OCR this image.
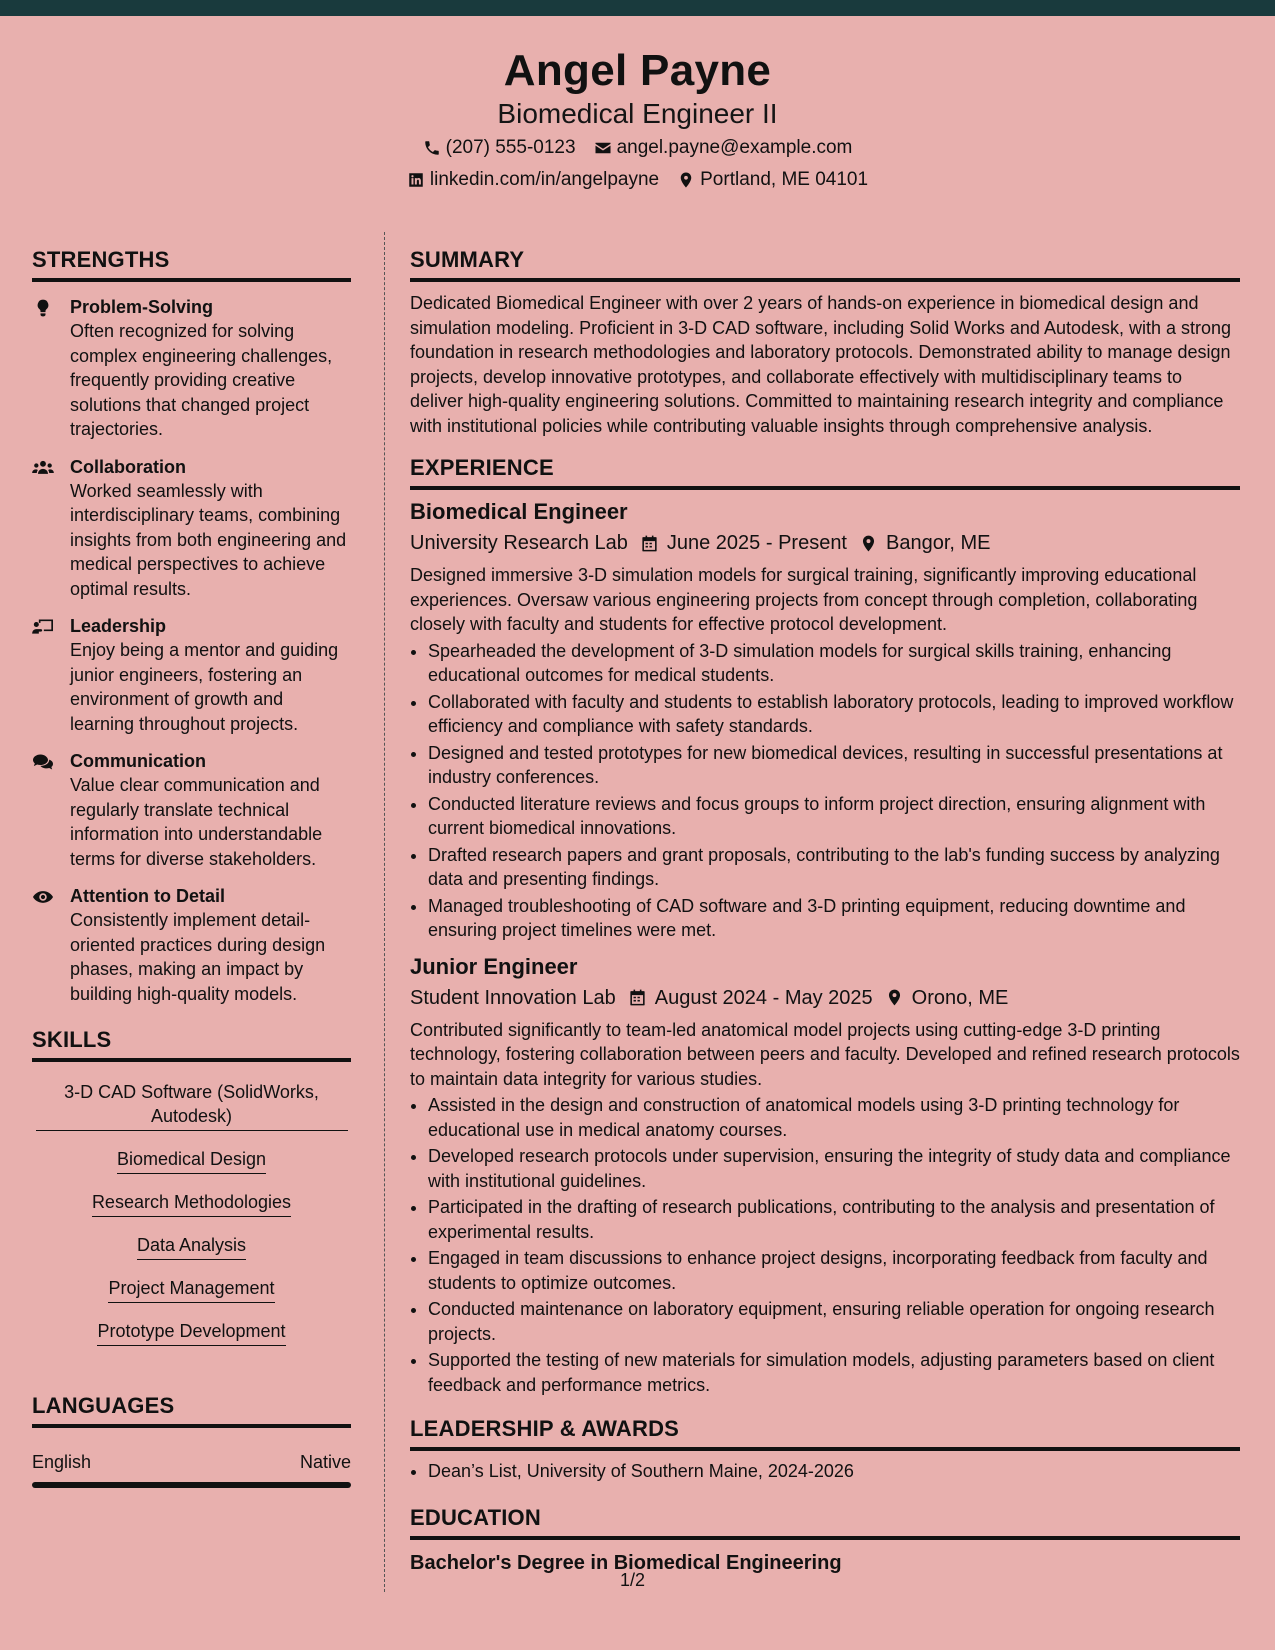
Angel Payne
Biomedical Engineer II
(207) 555-0123 angel.payne@example.com
linkedin.com/in/angelpayne Portland, ME 04101
STRENGTHS
Problem-Solving
Often recognized for solving complex engineering challenges, frequently providing creative solutions that changed project trajectories.
Collaboration
Worked seamlessly with interdisciplinary teams, combining insights from both engineering and medical perspectives to achieve optimal results.
Leadership
Enjoy being a mentor and guiding junior engineers, fostering an environment of growth and learning throughout projects.
Communication
Value clear communication and regularly translate technical information into understandable terms for diverse stakeholders.
Attention to Detail
Consistently implement detail-oriented practices during design phases, making an impact by building high-quality models.
SKILLS
3-D CAD Software (SolidWorks, Autodesk)
Biomedical Design
Research Methodologies
Data Analysis
Project Management
Prototype Development
LANGUAGES
English	Native
SUMMARY
Dedicated Biomedical Engineer with over 2 years of hands-on experience in biomedical design and simulation modeling. Proficient in 3-D CAD software, including Solid Works and Autodesk, with a strong foundation in research methodologies and laboratory protocols. Demonstrated ability to manage design projects, develop innovative prototypes, and collaborate effectively with multidisciplinary teams to deliver high-quality engineering solutions. Committed to maintaining research integrity and compliance with institutional policies while contributing valuable insights through comprehensive analysis.
EXPERIENCE
Biomedical Engineer
University Research Lab June 2025 - Present Bangor, ME
Designed immersive 3-D simulation models for surgical training, significantly improving educational experiences. Oversaw various engineering projects from concept through completion, collaborating closely with faculty and students for effective protocol development.
• Spearheaded the development of 3-D simulation models for surgical skills training, enhancing educational outcomes for medical students.
• Collaborated with faculty and students to establish laboratory protocols, leading to improved workflow efficiency and compliance with safety standards.
• Designed and tested prototypes for new biomedical devices, resulting in successful presentations at industry conferences.
• Conducted literature reviews and focus groups to inform project direction, ensuring alignment with current biomedical innovations.
• Drafted research papers and grant proposals, contributing to the lab's funding success by analyzing data and presenting findings.
• Managed troubleshooting of CAD software and 3-D printing equipment, reducing downtime and ensuring project timelines were met.
Junior Engineer
Student Innovation Lab August 2024 - May 2025 Orono, ME
Contributed significantly to team-led anatomical model projects using cutting-edge 3-D printing technology, fostering collaboration between peers and faculty. Developed and refined research protocols to maintain data integrity for various studies.
• Assisted in the design and construction of anatomical models using 3-D printing technology for educational use in medical anatomy courses.
• Developed research protocols under supervision, ensuring the integrity of study data and compliance with institutional guidelines.
• Participated in the drafting of research publications, contributing to the analysis and presentation of experimental results.
• Engaged in team discussions to enhance project designs, incorporating feedback from faculty and students to optimize outcomes.
• Conducted maintenance on laboratory equipment, ensuring reliable operation for ongoing research projects.
• Supported the testing of new materials for simulation models, adjusting parameters based on client feedback and performance metrics.
LEADERSHIP & AWARDS
• Dean’s List, University of Southern Maine, 2024-2026
EDUCATION
Bachelor's Degree in Biomedical Engineering
1/2
